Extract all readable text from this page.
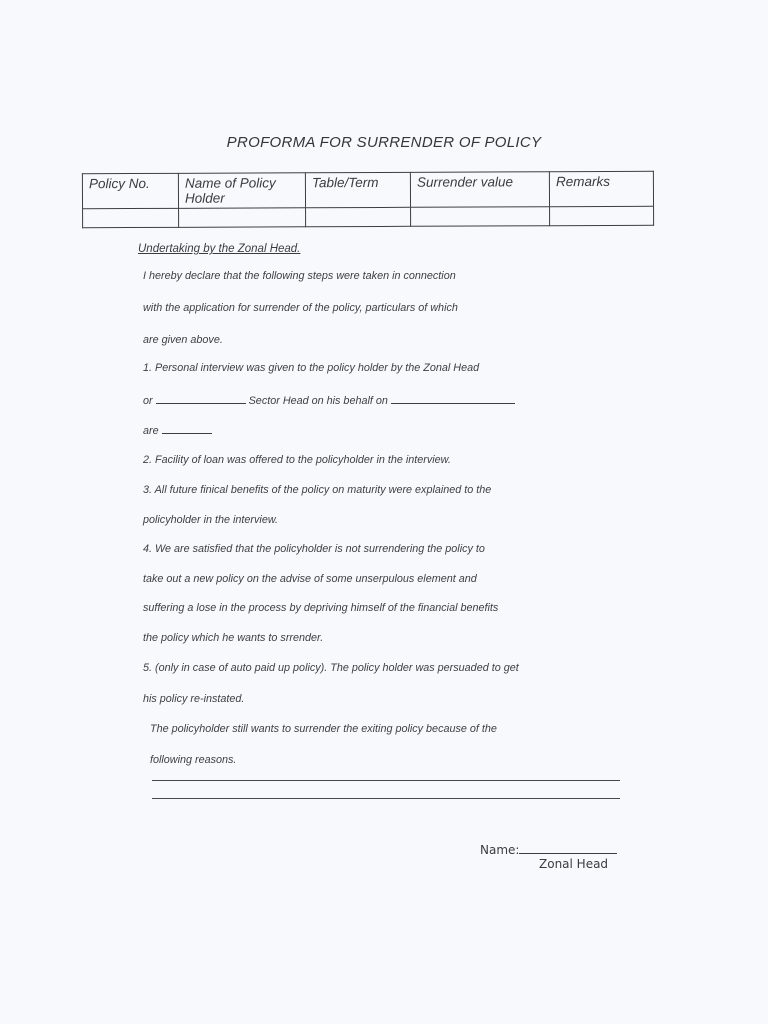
PROFORMA FOR SURRENDER OF POLICY
Policy No.	Name of Policy Holder	Table/Term	Surrender value	Remarks

Undertaking by the Zonal Head.
I hereby declare that the following steps were taken in connection
with the application for surrender of the policy, particulars of which
are given above.
1. Personal interview was given to the policy holder by the Zonal Head
or	Sector Head on his behalf on
are
2. Facility of loan was offered to the policyholder in the interview.
3. All future finical benefits of the policy on maturity were explained to the
policyholder in the interview.
4. We are satisfied that the policyholder is not surrendering the policy to
take out a new policy on the advise of some unserpulous element and
suffering a lose in the process by depriving himself of the financial benefits
the policy which he wants to srrender.
5. (only in case of auto paid up policy). The policy holder was persuaded to get
his policy re-instated.
The policyholder still wants to surrender the exiting policy because of the
following reasons.
Name:
Zonal Head
